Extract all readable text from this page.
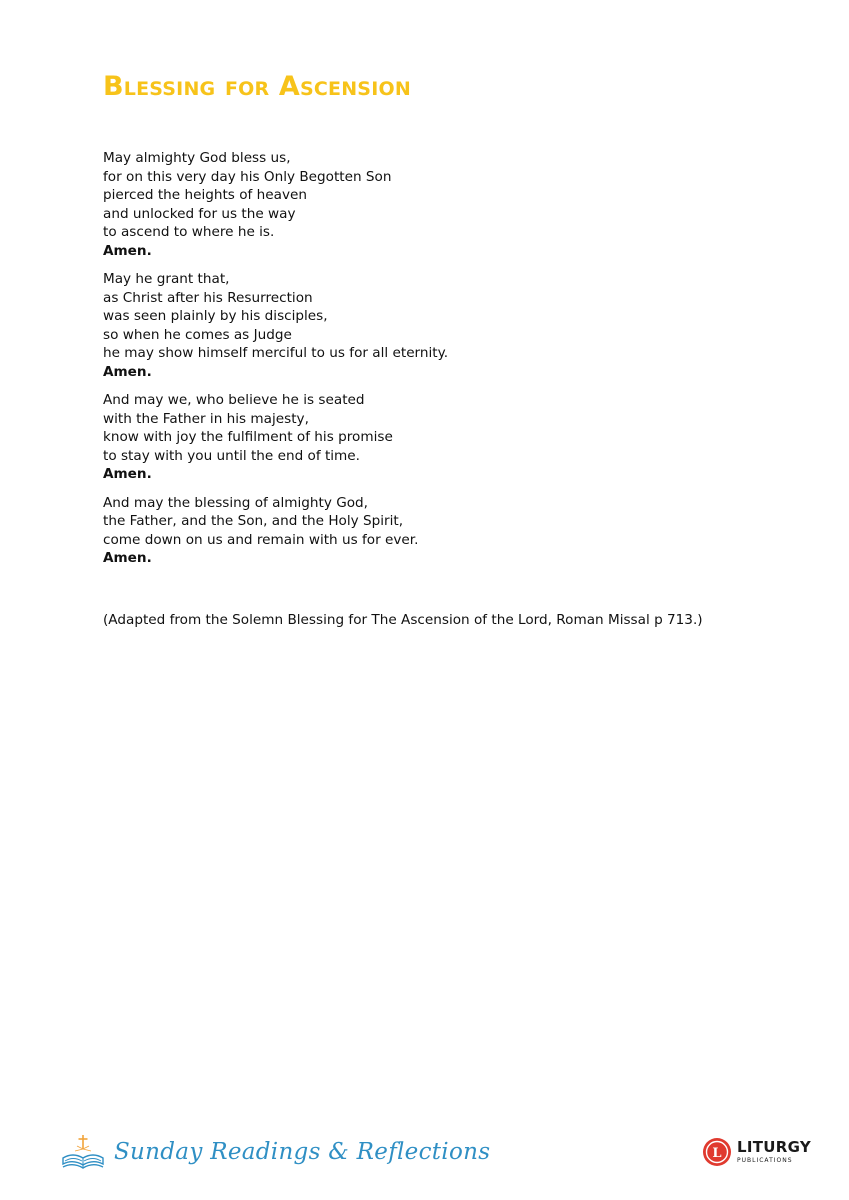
Blessing for Ascension
May almighty God bless us,
for on this very day his Only Begotten Son
pierced the heights of heaven
and unlocked for us the way
to ascend to where he is.
Amen.
May he grant that,
as Christ after his Resurrection
was seen plainly by his disciples,
so when he comes as Judge
he may show himself merciful to us for all eternity.
Amen.
And may we, who believe he is seated
with the Father in his majesty,
know with joy the fulfilment of his promise
to stay with you until the end of time.
Amen.
And may the blessing of almighty God,
the Father, and the Son, and the Holy Spirit,
come down on us and remain with us for ever.
Amen.
(Adapted from the Solemn Blessing for The Ascension of the Lord, Roman Missal p 713.)
Sunday Readings & Reflections	L LITURGY
PUBLICATIONS
